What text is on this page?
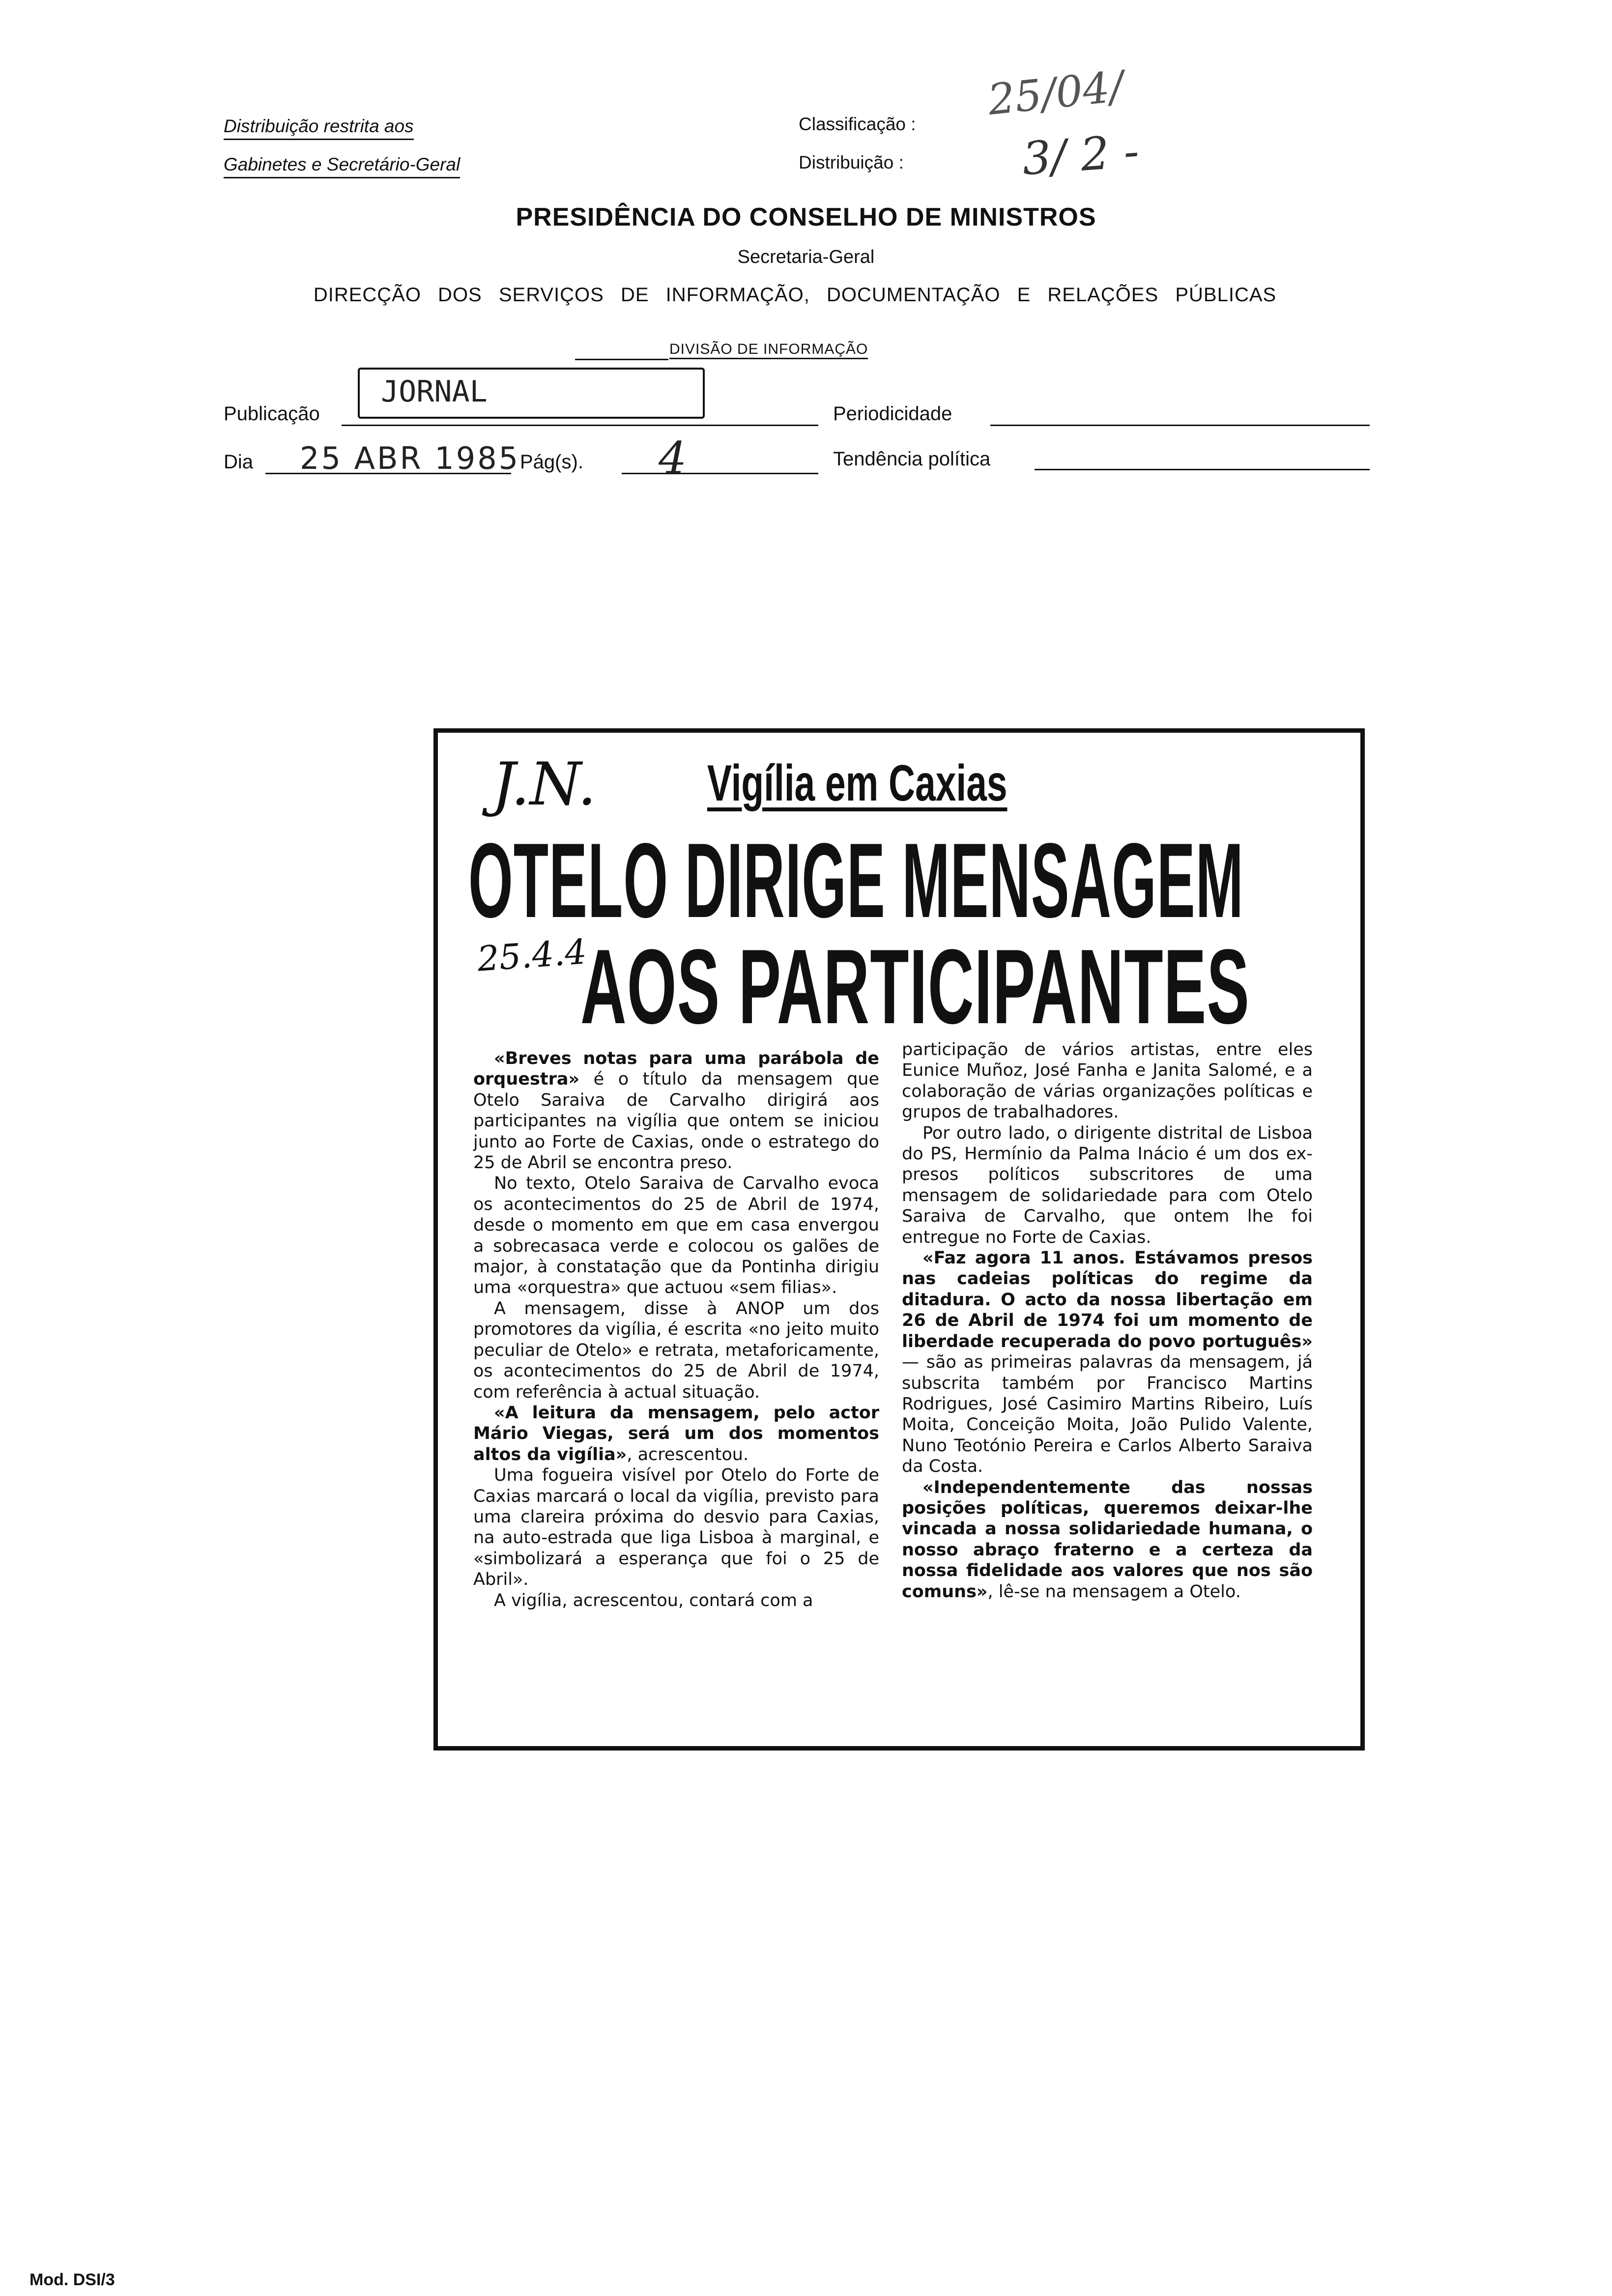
Distribuição restrita aos
Gabinetes e Secretário-Geral
Classificação :
Distribuição :
25/04/
3/ 2 -
PRESIDÊNCIA DO CONSELHO DE MINISTROS
Secretaria-Geral
DIRECÇÃO DOS SERVIÇOS DE INFORMAÇÃO, DOCUMENTAÇÃO E RELAÇÕES PÚBLICAS
DIVISÃO DE INFORMAÇÃO
Publicação
JORNAL
Periodicidade
Dia 25 ABR 1985 Pág(s). 4	Tendência política
J.N. Vigília em Caxias
OTELO DIRIGE MENSAGEM
AOS PARTICIPANTES
25.4.4

«Breves notas para uma parábola de orquestra» é o título da mensagem que Otelo Saraiva de Carvalho dirigirá aos participantes na vigília que ontem se iniciou junto ao Forte de Caxias, onde o estratego do 25 de Abril se encontra preso.

No texto, Otelo Saraiva de Carvalho evoca os acontecimentos do 25 de Abril de 1974, desde o momento em que em casa envergou a sobrecasaca verde e colocou os galões de major, à constatação que da Pontinha dirigiu uma «orquestra» que actuou «sem filias».

A mensagem, disse à ANOP um dos promotores da vigília, é escrita «no jeito muito peculiar de Otelo» e retrata, metaforicamente, os acontecimentos do 25 de Abril de 1974, com referência à actual situação.

«A leitura da mensagem, pelo actor Mário Viegas, será um dos momentos altos da vigília», acrescentou.

Uma fogueira visível por Otelo do Forte de Caxias marcará o local da vigília, previsto para uma clareira próxima do desvio para Caxias, na auto-estrada que liga Lisboa à marginal, e «simbolizará a esperança que foi o 25 de Abril».

A vigília, acrescentou, contará com a

participação de vários artistas, entre eles Eunice Muñoz, José Fanha e Janita Salomé, e a colaboração de várias organizações políticas e grupos de trabalhadores.

Por outro lado, o dirigente distrital de Lisboa do PS, Hermínio da Palma Inácio é um dos ex-presos políticos subscritores de uma mensagem de solidariedade para com Otelo Saraiva de Carvalho, que ontem lhe foi entregue no Forte de Caxias.

«Faz agora 11 anos. Estávamos presos nas cadeias políticas do regime da ditadura. O acto da nossa libertação em 26 de Abril de 1974 foi um momento de liberdade recuperada do povo português» — são as primeiras palavras da mensagem, já subscrita também por Francisco Martins Rodrigues, José Casimiro Martins Ribeiro, Luís Moita, Conceição Moita, João Pulido Valente, Nuno Teotónio Pereira e Carlos Alberto Saraiva da Costa.

«Independentemente das nossas posições políticas, queremos deixar-lhe vincada a nossa solidariedade humana, o nosso abraço fraterno e a certeza da nossa fidelidade aos valores que nos são comuns», lê-se na mensagem a Otelo.

Mod. DSI/3
